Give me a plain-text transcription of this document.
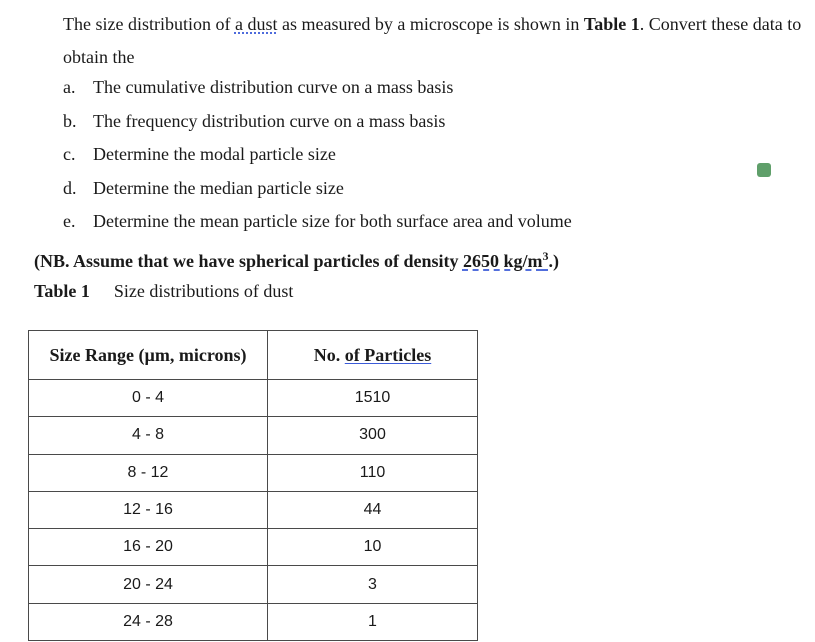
The size distribution of a dust as measured by a microscope is shown in Table 1. Convert these data to obtain the
a. The cumulative distribution curve on a mass basis
b. The frequency distribution curve on a mass basis
c. Determine the modal particle size
d. Determine the median particle size
e. Determine the mean particle size for both surface area and volume
(NB. Assume that we have spherical particles of density 2650 $kg/m^3$.)
Table 1 Size distributions of dust
Size Range (µm, microns)	No. of Particles
0 - 4	1510
4 - 8	300
8 - 12	110
12 - 16	44
16 - 20	10
20 - 24	3
24 - 28	1
